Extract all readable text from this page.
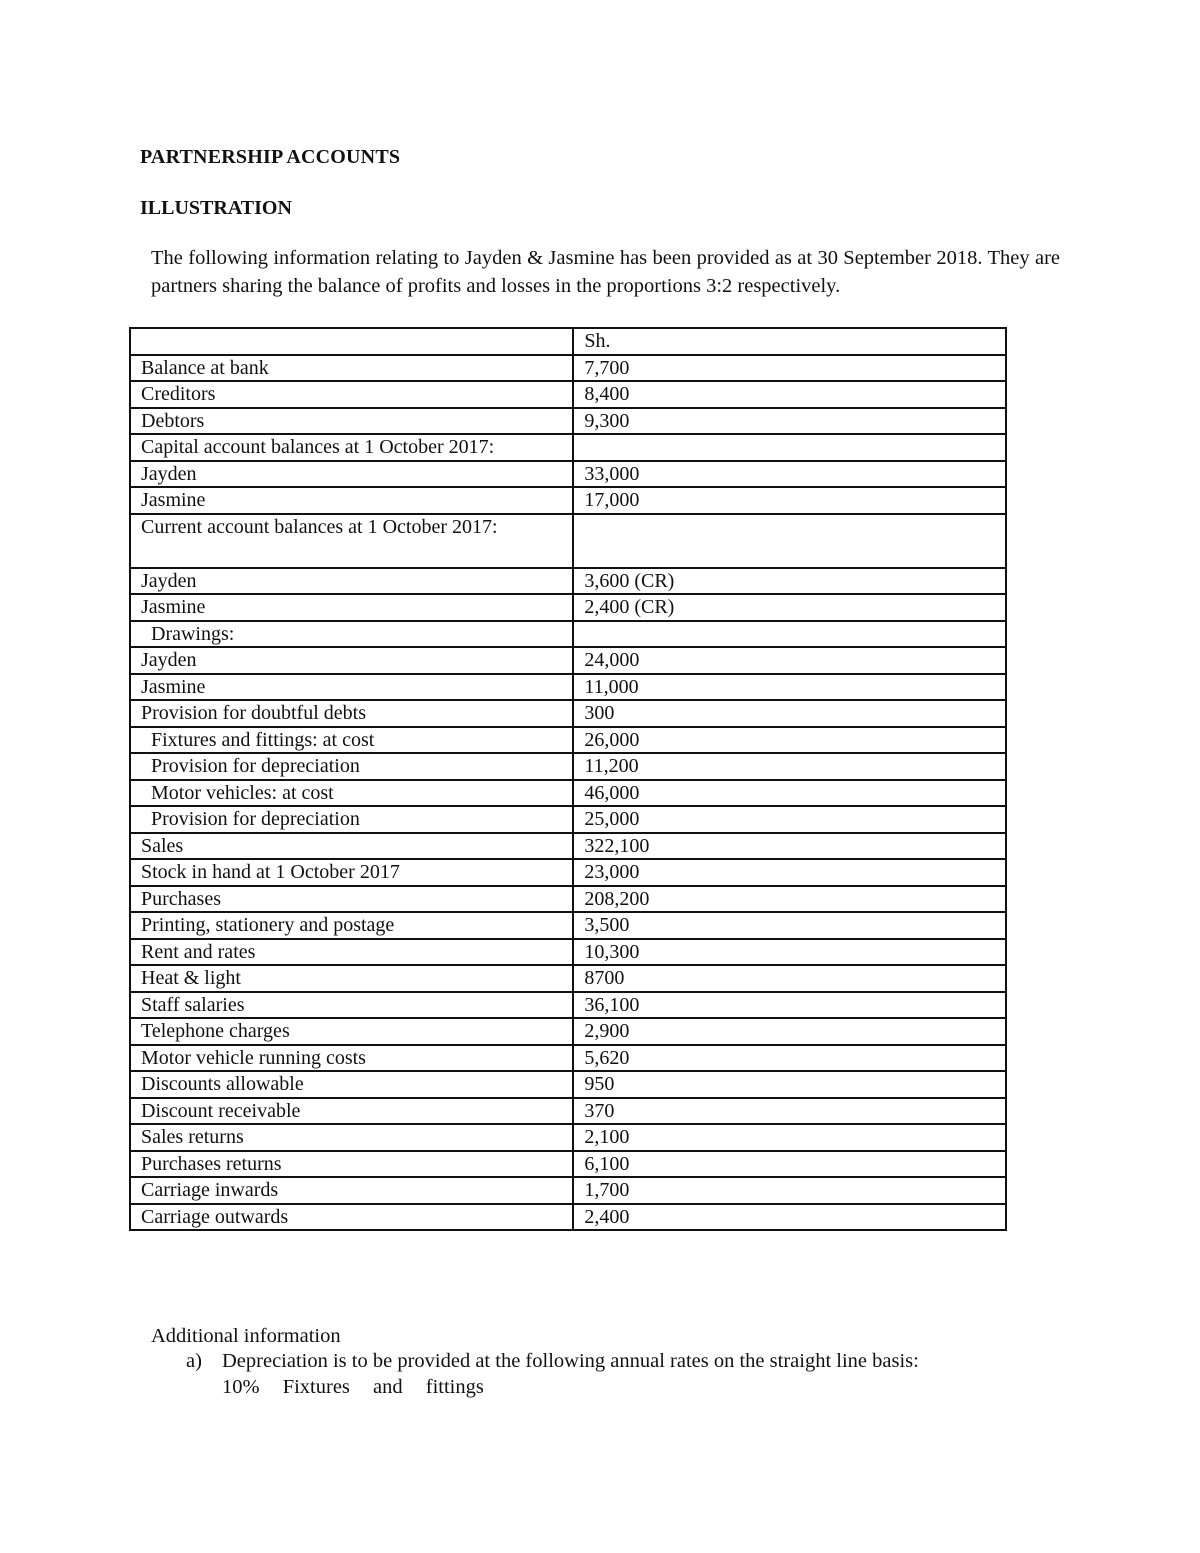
PARTNERSHIP ACCOUNTS
ILLUSTRATION
The following information relating to Jayden & Jasmine has been provided as at 30 September 2018. They are partners sharing the balance of profits and losses in the proportions 3:2 respectively.
	Sh.
Balance at bank	7,700
Creditors	8,400
Debtors	9,300
Capital account balances at 1 October 2017:	
Jayden	33,000
Jasmine	17,000
Current account balances at 1 October 2017:	
Jayden	3,600 (CR)
Jasmine	2,400 (CR)
Drawings:	
Jayden	24,000
Jasmine	11,000
Provision for doubtful debts	300
Fixtures and fittings: at cost	26,000
Provision for depreciation	11,200
Motor vehicles: at cost	46,000
Provision for depreciation	25,000
Sales	322,100
Stock in hand at 1 October 2017	23,000
Purchases	208,200
Printing, stationery and postage	3,500
Rent and rates	10,300
Heat & light	8700
Staff salaries	36,100
Telephone charges	2,900
Motor vehicle running costs	5,620
Discounts allowable	950
Discount receivable	370
Sales returns	2,100
Purchases returns	6,100
Carriage inwards	1,700
Carriage outwards	2,400
Additional information
a) Depreciation is to be provided at the following annual rates on the straight line basis:
10% Fixtures and fittings
